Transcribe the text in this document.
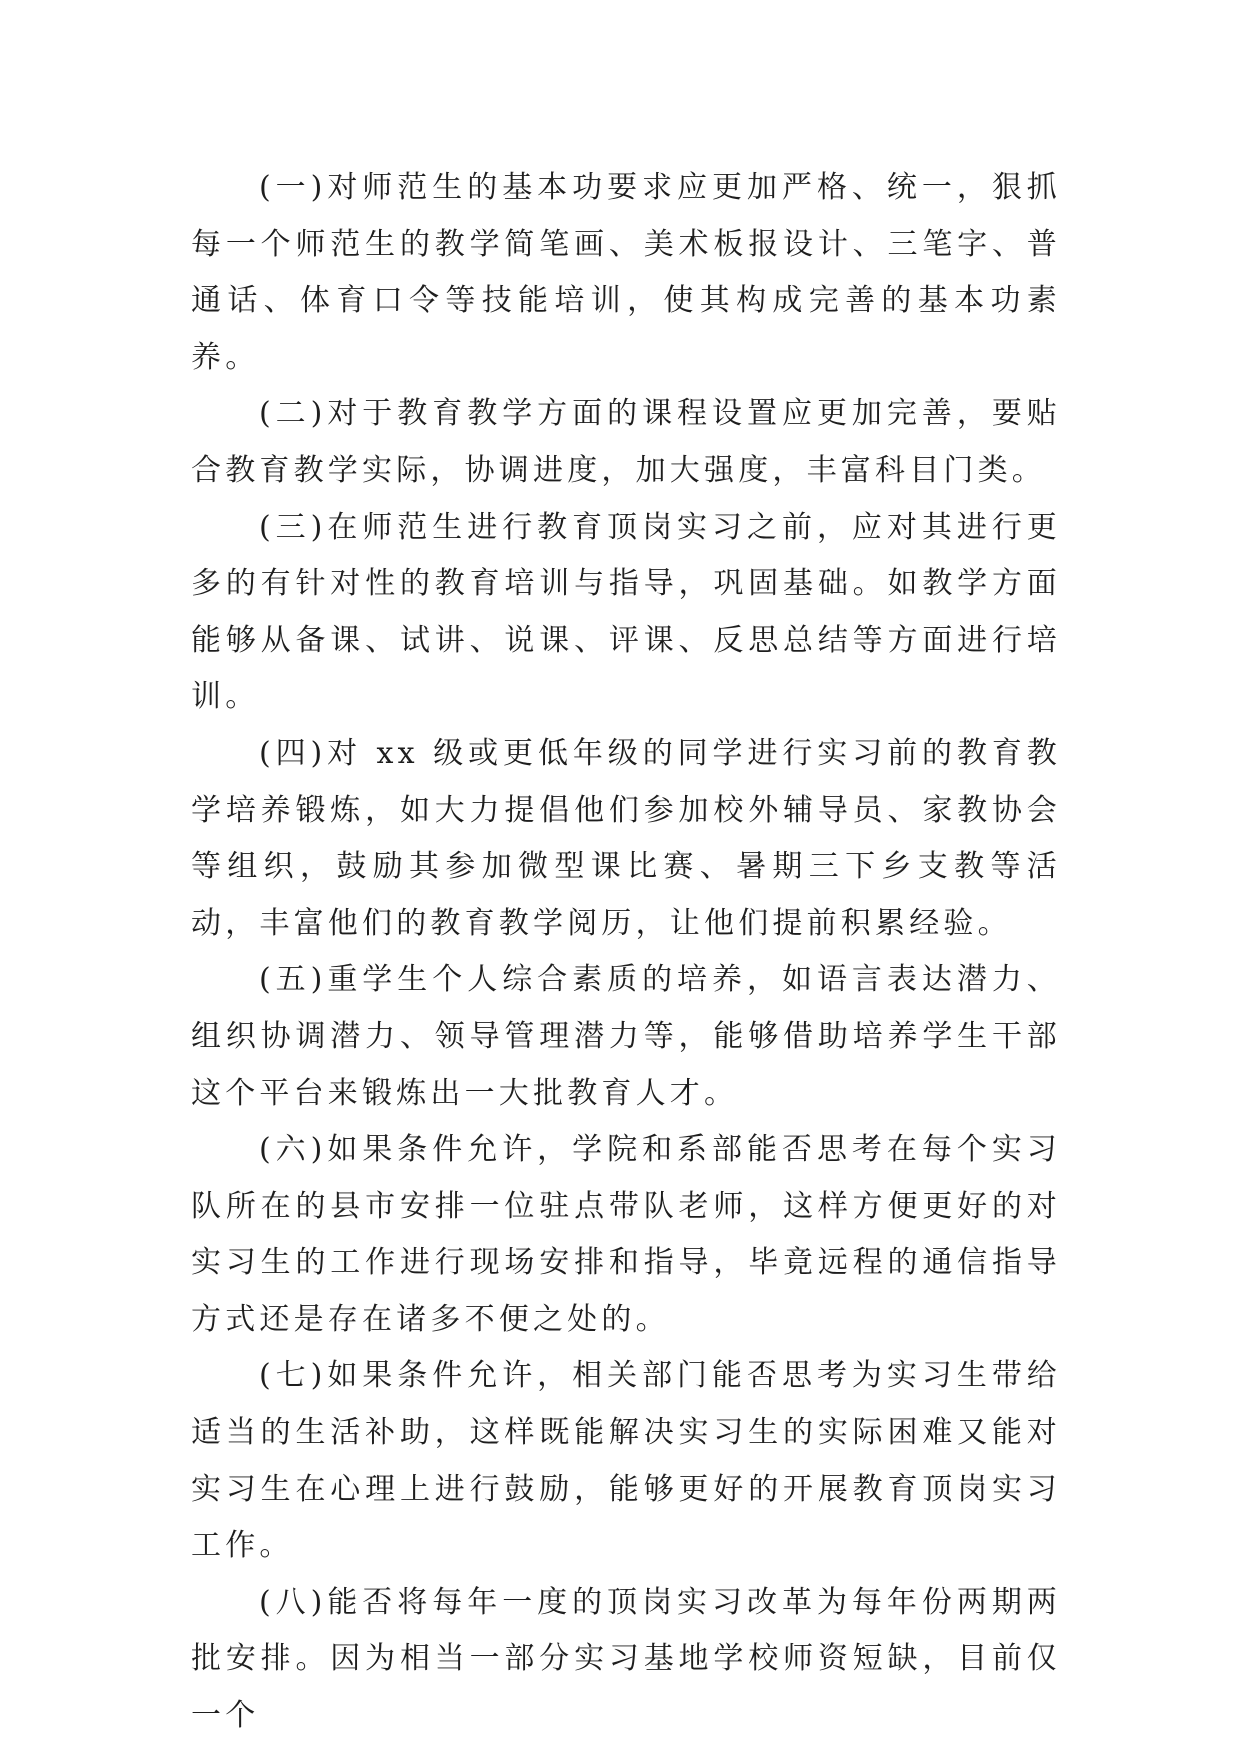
(一)对师范生的基本功要求应更加严格、统一，狠抓每一个师范生的教学简笔画、美术板报设计、三笔字、普通话、体育口令等技能培训，使其构成完善的基本功素养。

(二)对于教育教学方面的课程设置应更加完善，要贴合教育教学实际，协调进度，加大强度，丰富科目门类。

(三)在师范生进行教育顶岗实习之前，应对其进行更多的有针对性的教育培训与指导，巩固基础。如教学方面能够从备课、试讲、说课、评课、反思总结等方面进行培训。

(四)对 xx 级或更低年级的同学进行实习前的教育教学培养锻炼，如大力提倡他们参加校外辅导员、家教协会等组织，鼓励其参加微型课比赛、暑期三下乡支教等活动，丰富他们的教育教学阅历，让他们提前积累经验。

(五)重学生个人综合素质的培养，如语言表达潜力、组织协调潜力、领导管理潜力等，能够借助培养学生干部这个平台来锻炼出一大批教育人才。

(六)如果条件允许，学院和系部能否思考在每个实习队所在的县市安排一位驻点带队老师，这样方便更好的对实习生的工作进行现场安排和指导，毕竟远程的通信指导方式还是存在诸多不便之处的。

(七)如果条件允许，相关部门能否思考为实习生带给适当的生活补助，这样既能解决实习生的实际困难又能对实习生在心理上进行鼓励，能够更好的开展教育顶岗实习工作。

(八)能否将每年一度的顶岗实习改革为每年份两期两批安排。因为相当一部分实习基地学校师资短缺，目前仅一个
